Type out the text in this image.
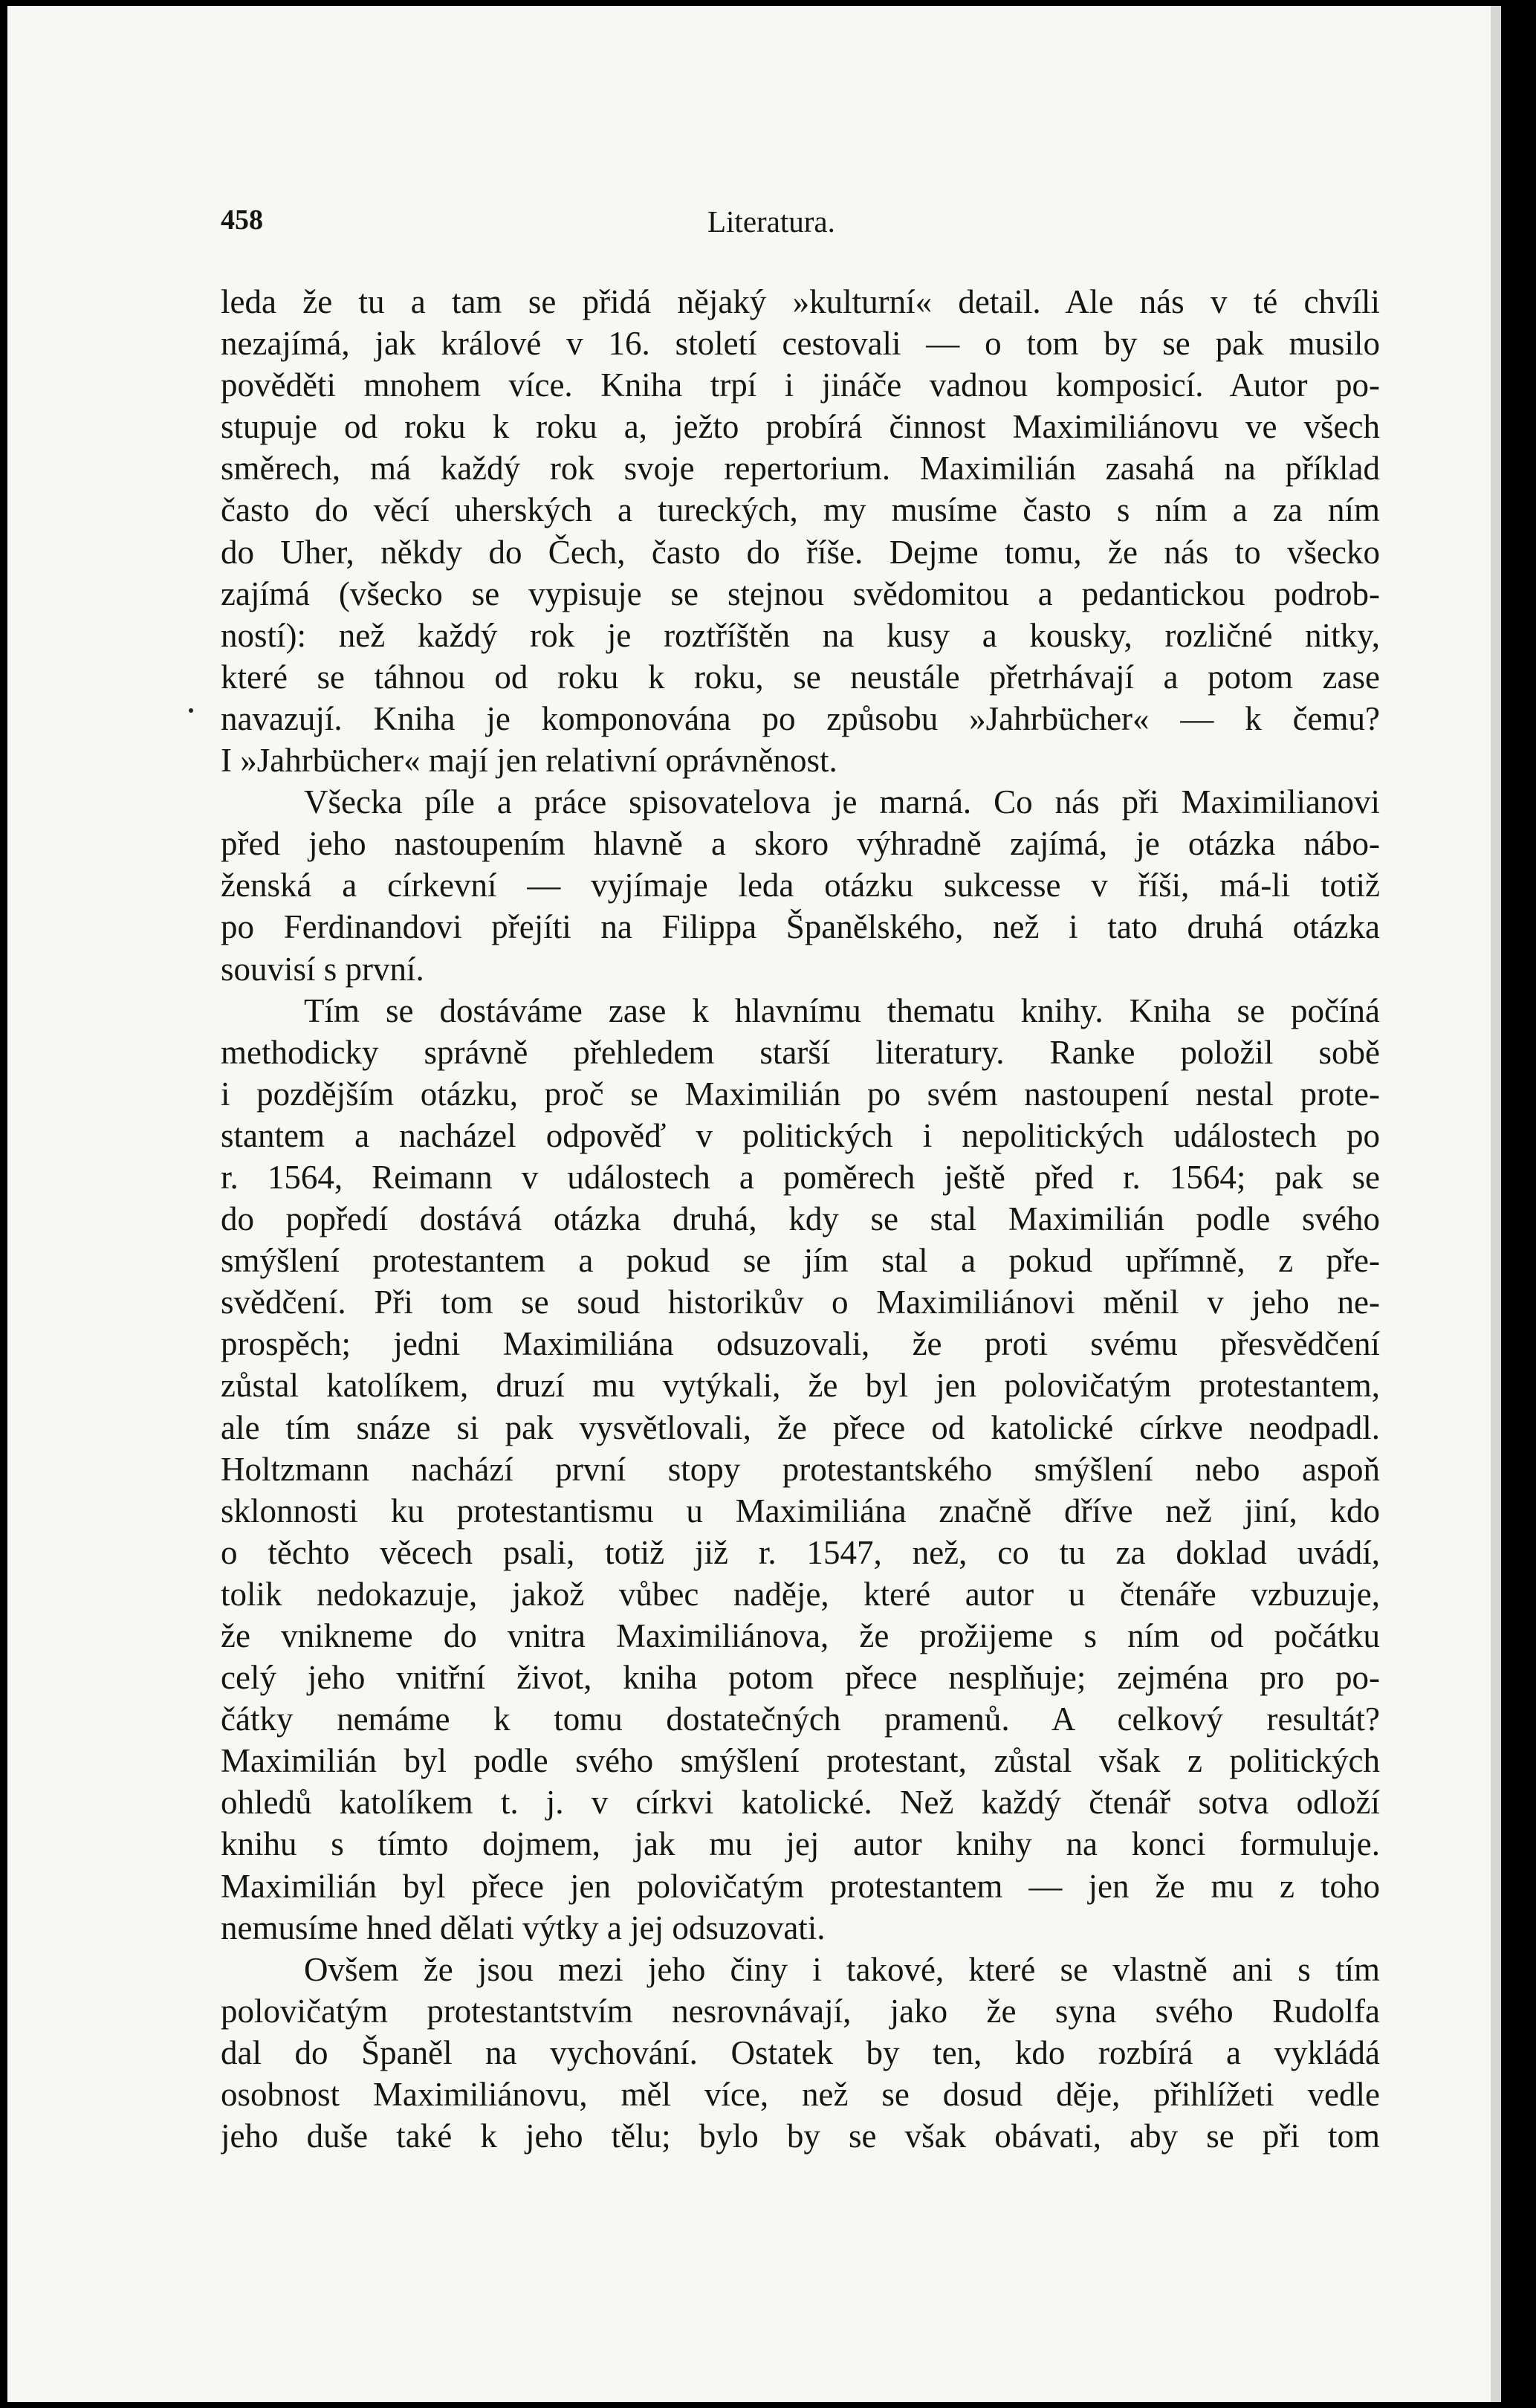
458	Literatura.
leda že tu a tam se přidá nějaký »kulturní« detail. Ale nás v té chvíli
nezajímá, jak králové v 16. století cestovali — o tom by se pak musilo
pověděti mnohem více. Kniha trpí i jináče vadnou komposicí. Autor po-
stupuje od roku k roku a, ježto probírá činnost Maximiliánovu ve všech
směrech, má každý rok svoje repertorium. Maximilián zasahá na příklad
často do věcí uherských a tureckých, my musíme často s ním a za ním
do Uher, někdy do Čech, často do říše. Dejme tomu, že nás to všecko
zajímá (všecko se vypisuje se stejnou svědomitou a pedantickou podrob-
ností): než každý rok je roztříštěn na kusy a kousky, rozličné nitky,
které se táhnou od roku k roku, se neustále přetrhávají a potom zase
navazují. Kniha je komponována po způsobu »Jahrbücher« — k čemu?
I »Jahrbücher« mají jen relativní oprávněnost.
Všecka píle a práce spisovatelova je marná. Co nás při Maximilianovi
před jeho nastoupením hlavně a skoro výhradně zajímá, je otázka nábo-
ženská a církevní — vyjímaje leda otázku sukcesse v říši, má-li totiž
po Ferdinandovi přejíti na Filippa Španělského, než i tato druhá otázka
souvisí s první.
Tím se dostáváme zase k hlavnímu thematu knihy. Kniha se počíná
methodicky správně přehledem starší literatury. Ranke položil sobě
i pozdějším otázku, proč se Maximilián po svém nastoupení nestal prote-
stantem a nacházel odpověď v politických i nepolitických událostech po
r. 1564, Reimann v událostech a poměrech ještě před r. 1564; pak se
do popředí dostává otázka druhá, kdy se stal Maximilián podle svého
smýšlení protestantem a pokud se jím stal a pokud upřímně, z pře-
svědčení. Při tom se soud historikův o Maximiliánovi měnil v jeho ne-
prospěch; jedni Maximiliána odsuzovali, že proti svému přesvědčení
zůstal katolíkem, druzí mu vytýkali, že byl jen polovičatým protestantem,
ale tím snáze si pak vysvětlovali, že přece od katolické církve neodpadl.
Holtzmann nachází první stopy protestantského smýšlení nebo aspoň
sklonnosti ku protestantismu u Maximiliána značně dříve než jiní, kdo
o těchto věcech psali, totiž již r. 1547, než, co tu za doklad uvádí,
tolik nedokazuje, jakož vůbec naděje, které autor u čtenáře vzbuzuje,
že vnikneme do vnitra Maximiliánova, že prožijeme s ním od počátku
celý jeho vnitřní život, kniha potom přece nesplňuje; zejména pro po-
čátky nemáme k tomu dostatečných pramenů. A celkový resultát?
Maximilián byl podle svého smýšlení protestant, zůstal však z politických
ohledů katolíkem t. j. v církvi katolické. Než každý čtenář sotva odloží
knihu s tímto dojmem, jak mu jej autor knihy na konci formuluje.
Maximilián byl přece jen polovičatým protestantem — jen že mu z toho
nemusíme hned dělati výtky a jej odsuzovati.
Ovšem že jsou mezi jeho činy i takové, které se vlastně ani s tím
polovičatým protestantstvím nesrovnávají, jako že syna svého Rudolfa
dal do Španěl na vychování. Ostatek by ten, kdo rozbírá a vykládá
osobnost Maximiliánovu, měl více, než se dosud děje, přihlížeti vedle
jeho duše také k jeho tělu; bylo by se však obávati, aby se při tom
